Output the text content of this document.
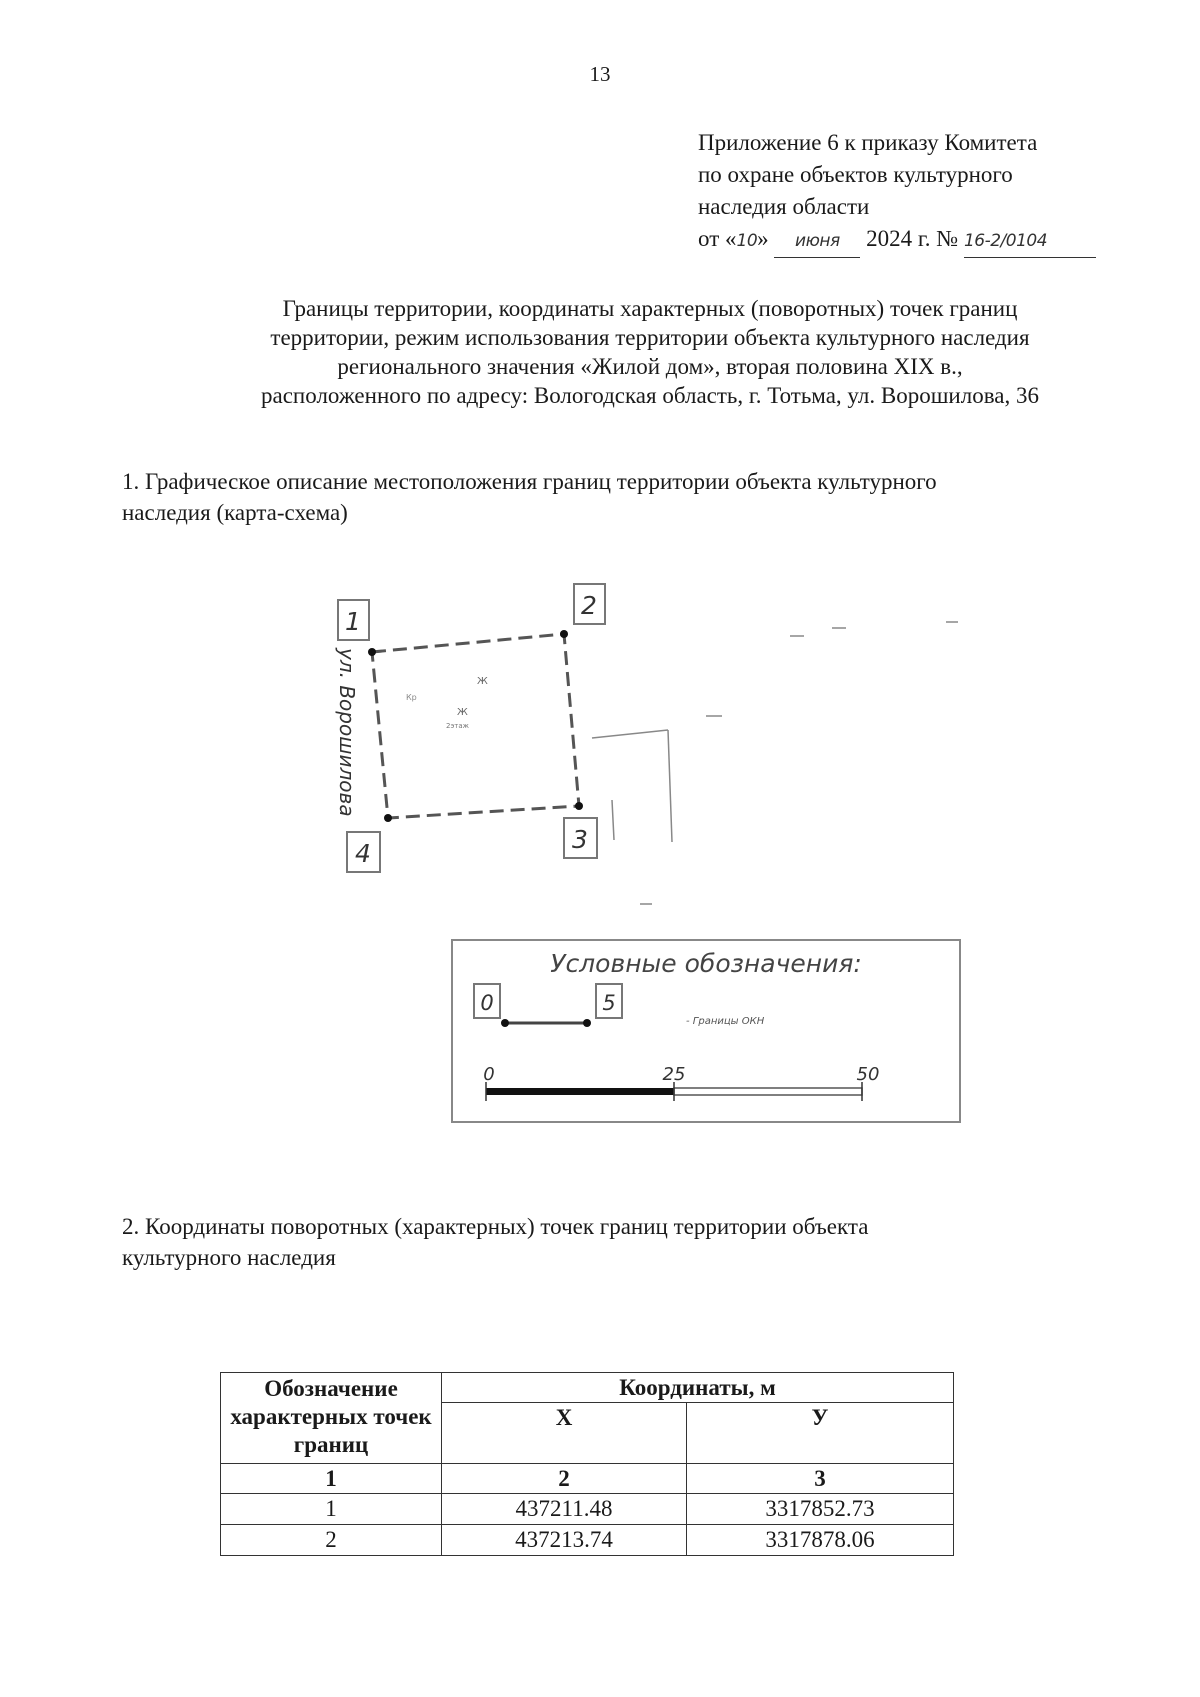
13
Приложение 6 к приказу Комитета
по охране объектов культурного
наследия области
от «10» июня 2024 г. № 16-2/0104
Границы территории, координаты характерных (поворотных) точек границ
территории, режим использования территории объекта культурного наследия
регионального значения «Жилой дом», вторая половина XIX в.,
расположенного по адресу: Вологодская область, г. Тотьма, ул. Ворошилова, 36
1. Графическое описание местоположения границ территории объекта культурного
наследия (карта-схема)
Ж
Ж
2этаж
Кр
ул. Ворошилова
1
2
3
4
Условные обозначения:
0	5
- Границы ОКН
0	25	50
2. Координаты поворотных (характерных) точек границ территории объекта
культурного наследия
Обозначение характерных точек границ	Координаты, м	
	X	У
1	2	3
1	437211.48	3317852.73
2	437213.74	3317878.06
